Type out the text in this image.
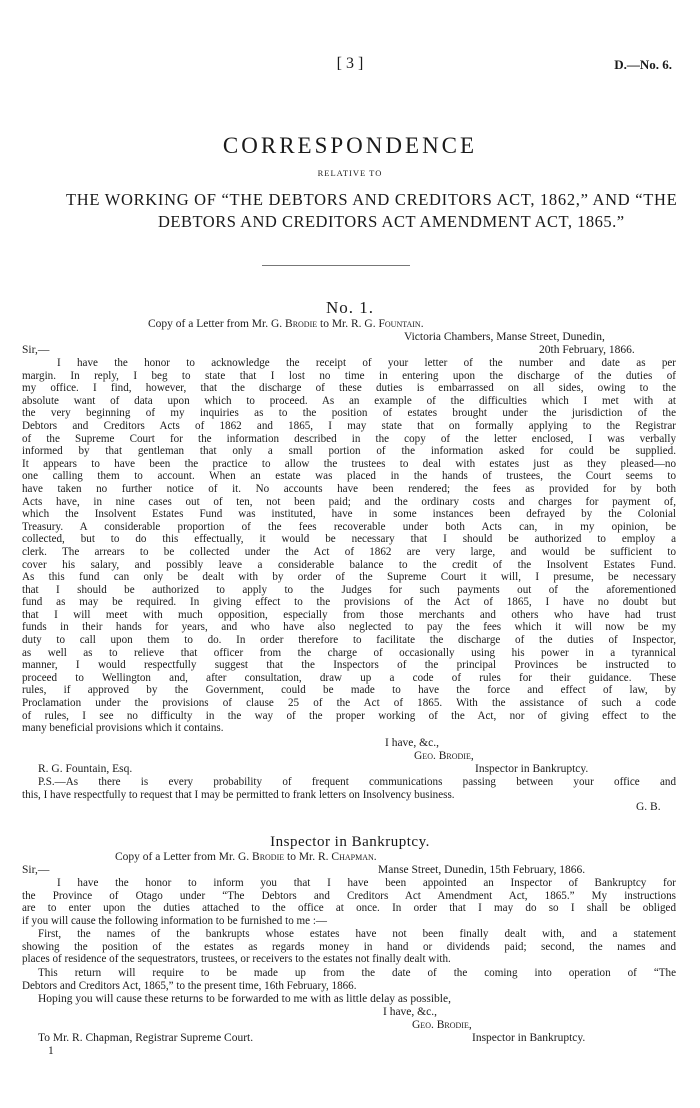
[ 3 ]	D.—No. 6.
CORRESPONDENCE
RELATIVE TO
THE WORKING OF “THE DEBTORS AND CREDITORS ACT, 1862,” AND “THE
DEBTORS AND CREDITORS ACT AMENDMENT ACT, 1865.”
No. 1.
Copy of a Letter from Mr. G. Brodie to Mr. R. G. Fountain.
Victoria Chambers, Manse Street, Dunedin,
Sir,—	20th February, 1866.
I have the honor to acknowledge the receipt of your letter of the number and date as per
margin. In reply, I beg to state that I lost no time in entering upon the discharge of the duties of
my office. I find, however, that the discharge of these duties is embarrassed on all sides, owing to the
absolute want of data upon which to proceed. As an example of the difficulties which I met with at
the very beginning of my inquiries as to the position of estates brought under the jurisdiction of the
Debtors and Creditors Acts of 1862 and 1865, I may state that on formally applying to the Registrar
of the Supreme Court for the information described in the copy of the letter enclosed, I was verbally
informed by that gentleman that only a small portion of the information asked for could be supplied.
It appears to have been the practice to allow the trustees to deal with estates just as they pleased—no
one calling them to account. When an estate was placed in the hands of trustees, the Court seems to
have taken no further notice of it. No accounts have been rendered; the fees as provided for by both
Acts have, in nine cases out of ten, not been paid; and the ordinary costs and charges for payment of,
which the Insolvent Estates Fund was instituted, have in some instances been defrayed by the Colonial
Treasury. A considerable proportion of the fees recoverable under both Acts can, in my opinion, be
collected, but to do this effectually, it would be necessary that I should be authorized to employ a
clerk. The arrears to be collected under the Act of 1862 are very large, and would be sufficient to
cover his salary, and possibly leave a considerable balance to the credit of the Insolvent Estates Fund.
As this fund can only be dealt with by order of the Supreme Court it will, I presume, be necessary
that I should be authorized to apply to the Judges for such payments out of the aforementioned
fund as may be required. In giving effect to the provisions of the Act of 1865, I have no doubt but
that I will meet with much opposition, especially from those merchants and others who have had trust
funds in their hands for years, and who have also neglected to pay the fees which it will now be my
duty to call upon them to do. In order therefore to facilitate the discharge of the duties of Inspector,
as well as to relieve that officer from the charge of occasionally using his power in a tyrannical
manner, I would respectfully suggest that the Inspectors of the principal Provinces be instructed to
proceed to Wellington and, after consultation, draw up a code of rules for their guidance. These
rules, if approved by the Government, could be made to have the force and effect of law, by
Proclamation under the provisions of clause 25 of the Act of 1865. With the assistance of such a code
of rules, I see no difficulty in the way of the proper working of the Act, nor of giving effect to the
many beneficial provisions which it contains.
I have, &c.,
Geo. Brodie,
R. G. Fountain, Esq.	Inspector in Bankruptcy.
P.S.—As there is every probability of frequent communications passing between your office and
this, I have respectfully to request that I may be permitted to frank letters on Insolvency business.
G. B.
Inspector in Bankruptcy.
Copy of a Letter from Mr. G. Brodie to Mr. R. Chapman.
Sir,—	Manse Street, Dunedin, 15th February, 1866.
I have the honor to inform you that I have been appointed an Inspector of Bankruptcy for
the Province of Otago under “The Debtors and Creditors Act Amendment Act, 1865.” My instructions
are to enter upon the duties attached to the office at once. In order that I may do so I shall be obliged
if you will cause the following information to be furnished to me :—
First, the names of the bankrupts whose estates have not been finally dealt with, and a statement
showing the position of the estates as regards money in hand or dividends paid; second, the names and
places of residence of the sequestrators, trustees, or receivers to the estates not finally dealt with.
This return will require to be made up from the date of the coming into operation of “The
Debtors and Creditors Act, 1865,” to the present time, 16th February, 1866.
Hoping you will cause these returns to be forwarded to me with as little delay as possible,
I have, &c.,
Geo. Brodie,
To Mr. R. Chapman, Registrar Supreme Court.	Inspector in Bankruptcy.
1
